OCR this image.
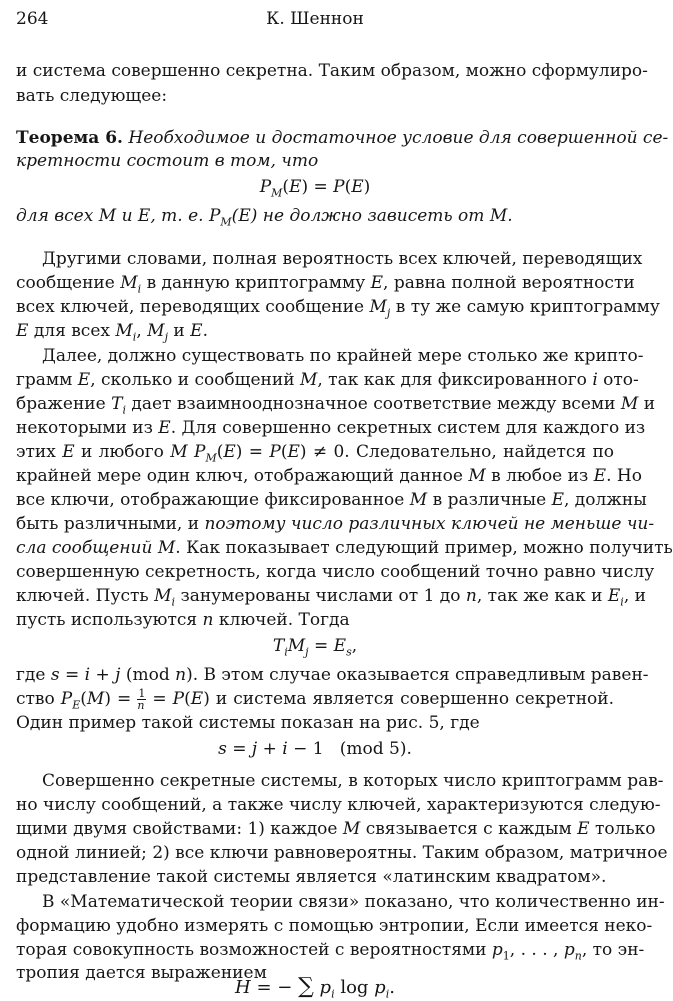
264	К. Шеннон
и система совершенно секретна. Таким образом, можно сформулиро-
вать следующее:
Теорема 6. Необходимое и достаточное условие для совершенной се-
кретности состоит в том, что
$P_M(E) = P(E)$
для всех M и E, т. е. $P_M(E)$ не должно зависеть от M.
Другими словами, полная вероятность всех ключей, переводящих
сообщение $M_i$ в данную криптограмму E, равна полной вероятности
всех ключей, переводящих сообщение $M_j$ в ту же самую криптограмму
E для всех $M_i$, $M_j$ и E.
Далее, должно существовать по крайней мере столько же крипто-
грамм E, сколько и сообщений M, так как для фиксированного i ото-
бражение $T_i$ дает взаимнооднозначное соответствие между всеми M и
некоторыми из E. Для совершенно секретных систем для каждого из
этих E и любого M $P_M(E) = P(E) \ne 0$. Следовательно, найдется по
крайней мере один ключ, отображающий данное M в любое из E. Но
все ключи, отображающие фиксированное M в различные E, должны
быть различными, и поэтому число различных ключей не меньше чи-
сла сообщений M. Как показывает следующий пример, можно получить
совершенную секретность, когда число сообщений точно равно числу
ключей. Пусть $M_i$ занумерованы числами от 1 до n, так же как и $E_i$, и
пусть используются n ключей. Тогда
$T_iM_j = E_s$,
где s = i + j (mod n). В этом случае оказывается справедливым равен-
ство $P_E(M) = \frac{1}{n} = P(E)$ и система является совершенно секретной.
Один пример такой системы показан на рис. 5, где
s = j + i − 1   (mod 5).
Совершенно секретные системы, в которых число криптограмм рав-
но числу сообщений, а также числу ключей, характеризуются следую-
щими двумя свойствами: 1) каждое M связывается с каждым E только
одной линией; 2) все ключи равновероятны. Таким образом, матричное
представление такой системы является «латинским квадратом».
В «Математической теории связи» показано, что количественно ин-
формацию удобно измерять с помощью энтропии, Если имеется неко-
торая совокупность возможностей с вероятностями $p_1$, . . . , $p_n$, то эн-
тропия дается выражением
H = − ∑ $p_i$ $\log p_i$.
